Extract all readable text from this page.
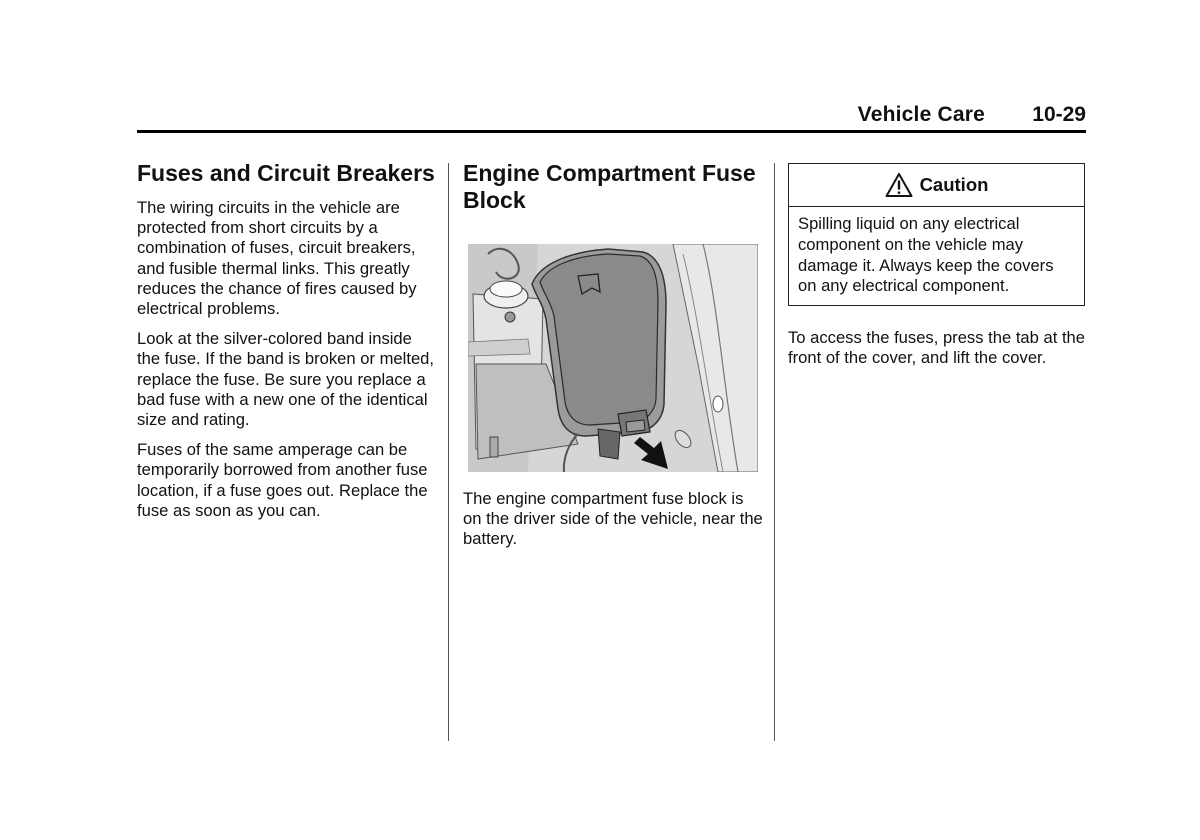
Vehicle Care 10-29
Fuses and Circuit Breakers

The wiring circuits in the vehicle are protected from short circuits by a combination of fuses, circuit breakers, and fusible thermal links. This greatly reduces the chance of fires caused by electrical problems.

Look at the silver-colored band inside the fuse. If the band is broken or melted, replace the fuse. Be sure you replace a bad fuse with a new one of the identical size and rating.

Fuses of the same amperage can be temporarily borrowed from another fuse location, if a fuse goes out. Replace the fuse as soon as you can.

Engine Compartment Fuse Block

The engine compartment fuse block is on the driver side of the vehicle, near the battery.

Caution
Spilling liquid on any electrical component on the vehicle may damage it. Always keep the covers on any electrical component.

To access the fuses, press the tab at the front of the cover, and lift the cover.
